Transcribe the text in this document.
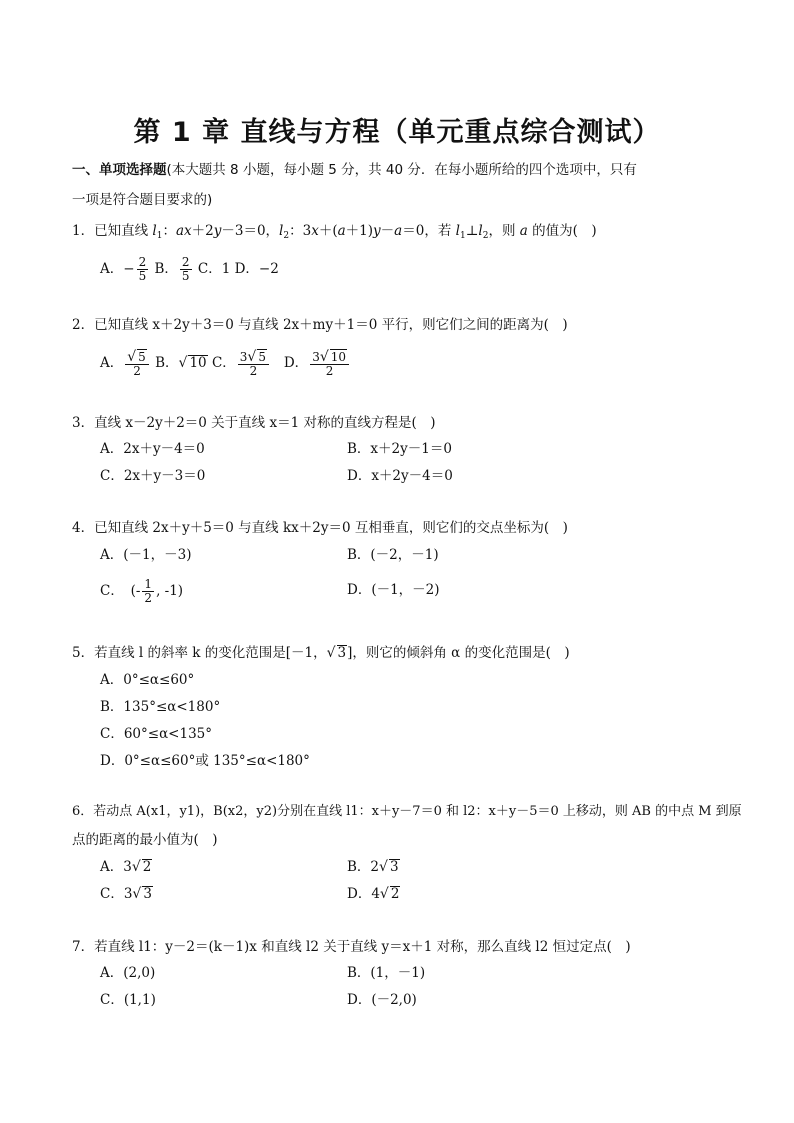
第 1 章 直线与方程（单元重点综合测试）
一、单项选择题(本大题共 8 小题，每小题 5 分，共 40 分．在每小题所给的四个选项中，只有
一项是符合题目要求的)
1．已知直线 $l_1$：ax＋2y－3＝0，$l_2$：3x＋(a＋1)y－a＝0，若 $l_1\perp l_2$，则 a 的值为(　)
A．− $\frac{2}{5}$ B． $\frac{2}{5}$ C．1 D．−2
2．已知直线 x＋2y＋3＝0 与直线 2x＋my＋1＝0 平行，则它们之间的距离为(　)
A． $\frac{√ 5}{2}$ B．√ 10 C． $\frac{3√ 5}{2}$ D． $\frac{3√ 10}{2}$
3．直线 x－2y＋2＝0 关于直线 x＝1 对称的直线方程是(　)
A．2x＋y－4＝0	B．x＋2y－1＝0
C．2x＋y－3＝0	D．x＋2y－4＝0
4．已知直线 2x＋y＋5＝0 与直线 kx＋2y＝0 互相垂直，则它们的交点坐标为(　)
A．(－1，－3)	B．(－2，－1)
C．　(- $\frac{1}{2}$ , -1)	D．(－1，－2)
5．若直线 l 的斜率 k 的变化范围是[－1，√ 3]，则它的倾斜角 α 的变化范围是(　)
A．0°≤α≤60°
B．135°≤α<180°
C．60°≤α<135°
D．0°≤α≤60°或 135°≤α<180°
6．若动点 A(x1，y1)，B(x2，y2)分别在直线 l1：x＋y－7＝0 和 l2：x＋y－5＝0 上移动，则 AB 的中点 M 到原
点的距离的最小值为(　)
A．3√ 2	B．2√ 3
C．3√ 3	D．4√ 2
7．若直线 l1：y－2＝(k－1)x 和直线 l2 关于直线 y＝x＋1 对称，那么直线 l2 恒过定点(　)
A．(2,0)	B．(1，－1)
C．(1,1)	D．(－2,0)
